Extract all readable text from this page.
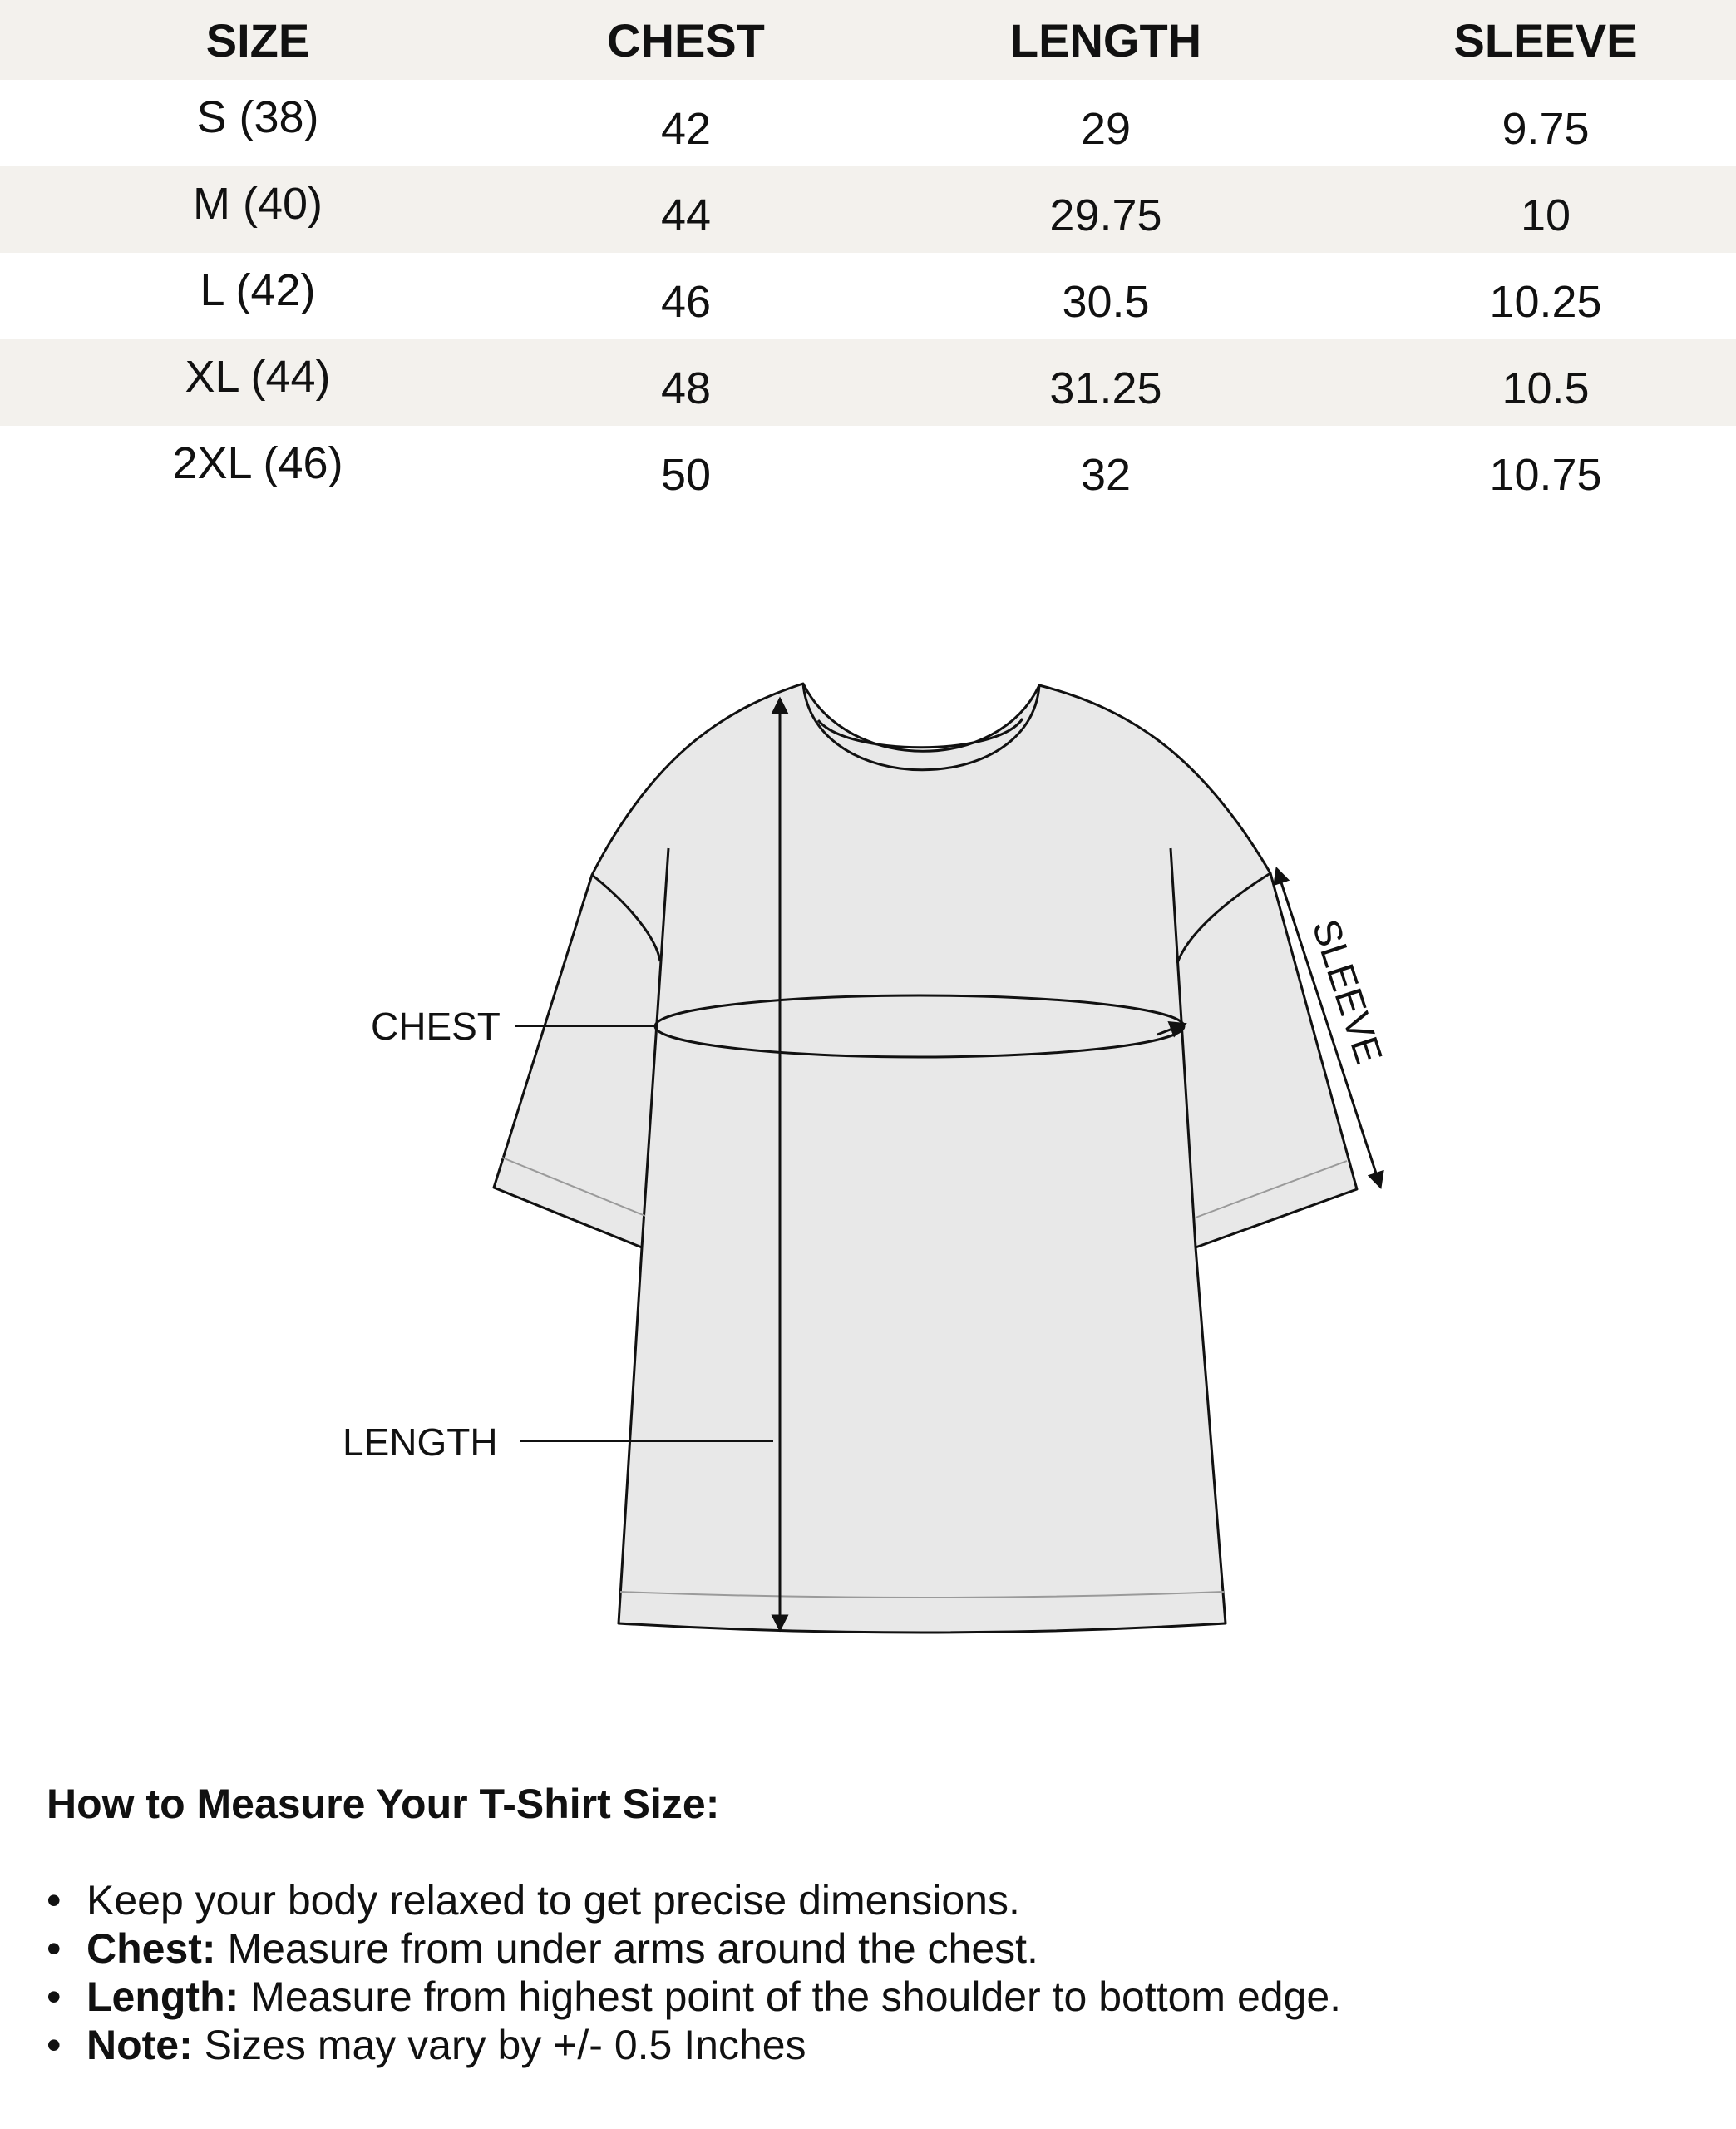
SIZE	CHEST	LENGTH	SLEEVE
S (38)	42	29	9.75
M (40)	44	29.75	10
L (42)	46	30.5	10.25
XL (44)	48	31.25	10.5
2XL (46)	50	32	10.75
CHEST
LENGTH
SLEEVE
How to Measure Your T-Shirt Size:
• Keep your body relaxed to get precise dimensions.
• Chest: Measure from under arms around the chest.
• Length: Measure from highest point of the shoulder to bottom edge.
• Note: Sizes may vary by +/- 0.5 Inches
